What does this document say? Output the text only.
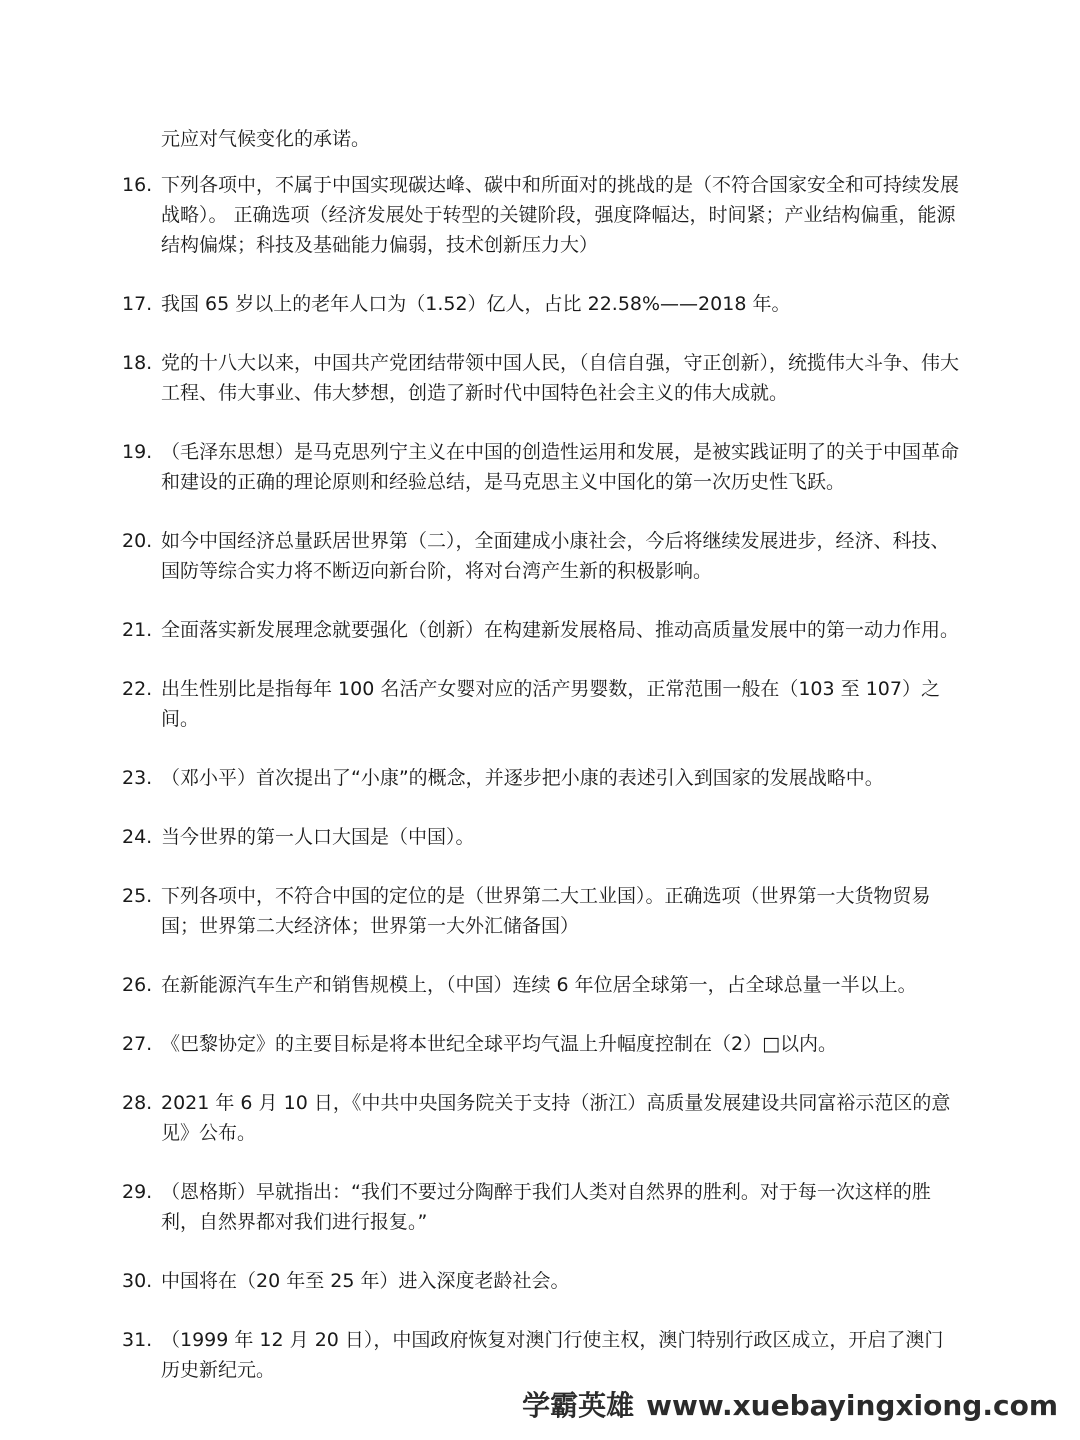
元应对气候变化的承诺。

16. 下列各项中，不属于中国实现碳达峰、碳中和所面对的挑战的是（不符合国家安全和可持续发展战略）。 正确选项（经济发展处于转型的关键阶段，强度降幅达，时间紧；产业结构偏重，能源结构偏煤；科技及基础能力偏弱，技术创新压力大）
17. 我国 65 岁以上的老年人口为（1.52）亿人，占比 22.58%——2018 年。
18. 党的十八大以来，中国共产党团结带领中国人民，（自信自强，守正创新），统揽伟大斗争、伟大工程、伟大事业、伟大梦想，创造了新时代中国特色社会主义的伟大成就。
19. （毛泽东思想）是马克思列宁主义在中国的创造性运用和发展，是被实践证明了的关于中国革命和建设的正确的理论原则和经验总结，是马克思主义中国化的第一次历史性飞跃。
20. 如今中国经济总量跃居世界第（二），全面建成小康社会，今后将继续发展进步，经济、科技、国防等综合实力将不断迈向新台阶，将对台湾产生新的积极影响。
21. 全面落实新发展理念就要强化（创新）在构建新发展格局、推动高质量发展中的第一动力作用。
22. 出生性别比是指每年 100 名活产女婴对应的活产男婴数，正常范围一般在（103 至 107）之间。
23. （邓小平）首次提出了“小康”的概念，并逐步把小康的表述引入到国家的发展战略中。
24. 当今世界的第一人口大国是（中国）。
25. 下列各项中，不符合中国的定位的是（世界第二大工业国）。正确选项（世界第一大货物贸易国；世界第二大经济体；世界第一大外汇储备国）
26. 在新能源汽车生产和销售规模上，（中国）连续 6 年位居全球第一，占全球总量一半以上。
27. 《巴黎协定》的主要目标是将本世纪全球平均气温上升幅度控制在（2）□以内。
28. 2021 年 6 月 10 日，《中共中央国务院关于支持（浙江）高质量发展建设共同富裕示范区的意见》公布。
29. （恩格斯）早就指出：“我们不要过分陶醉于我们人类对自然界的胜利。对于每一次这样的胜利，自然界都对我们进行报复。”
30. 中国将在（20 年至 25 年）进入深度老龄社会。
31. （1999 年 12 月 20 日），中国政府恢复对澳门行使主权，澳门特别行政区成立，开启了澳门历史新纪元。
学霸英雄 www.xuebayingxiong.com
